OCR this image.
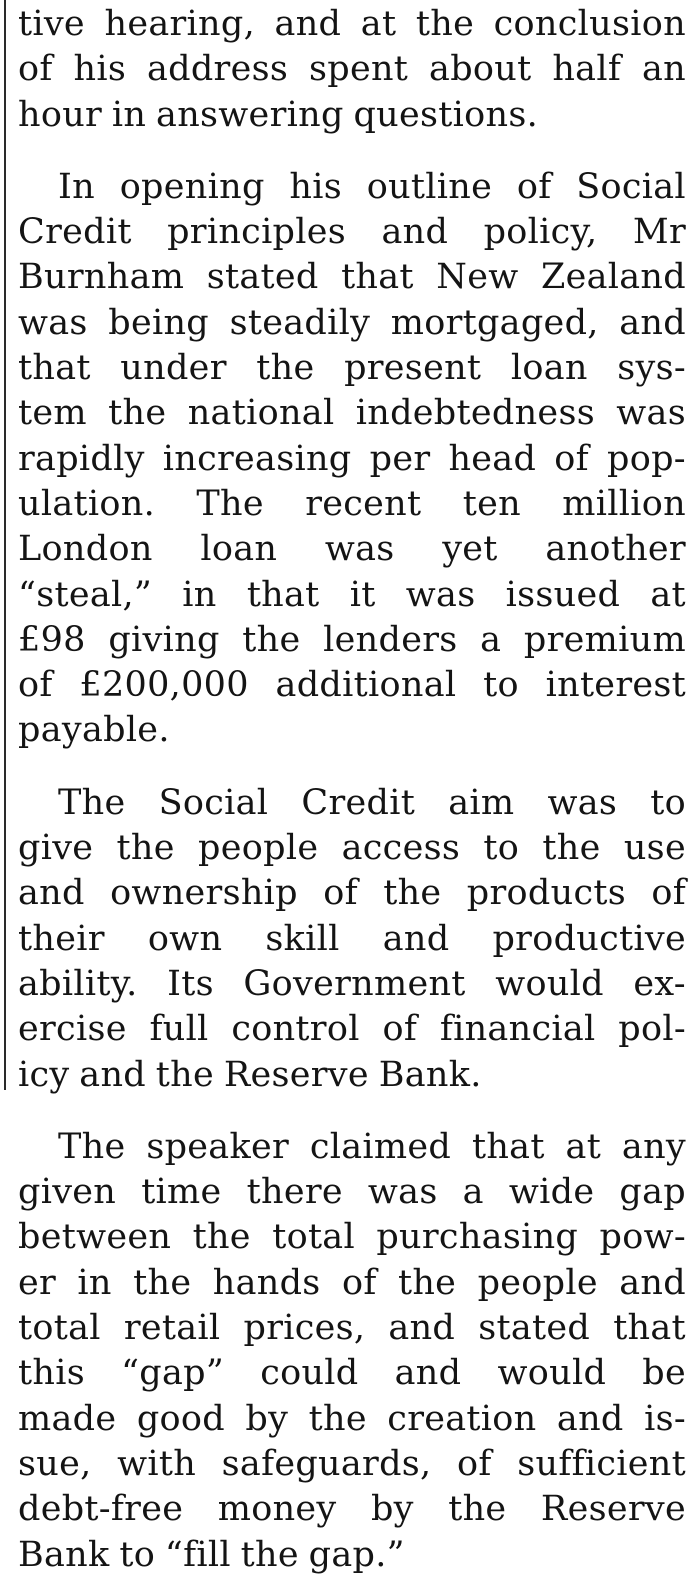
tive hearing, and at the conclusion
of his address spent about half an
hour in answering questions.
In opening his outline of Social
Credit principles and policy, Mr
Burnham stated that New Zealand
was being steadily mortgaged, and
that under the present loan sys-
tem the national indebtedness was
rapidly increasing per head of pop-
ulation. The recent ten million
London loan was yet another
“steal,” in that it was issued at
£98 giving the lenders a premium
of £200,000 additional to interest
payable.
The Social Credit aim was to
give the people access to the use
and ownership of the products of
their own skill and productive
ability. Its Government would ex-
ercise full control of financial pol-
icy and the Reserve Bank.
The speaker claimed that at any
given time there was a wide gap
between the total purchasing pow-
er in the hands of the people and
total retail prices, and stated that
this “gap” could and would be
made good by the creation and is-
sue, with safeguards, of sufficient
debt-free money by the Reserve
Bank to “fill the gap.”
